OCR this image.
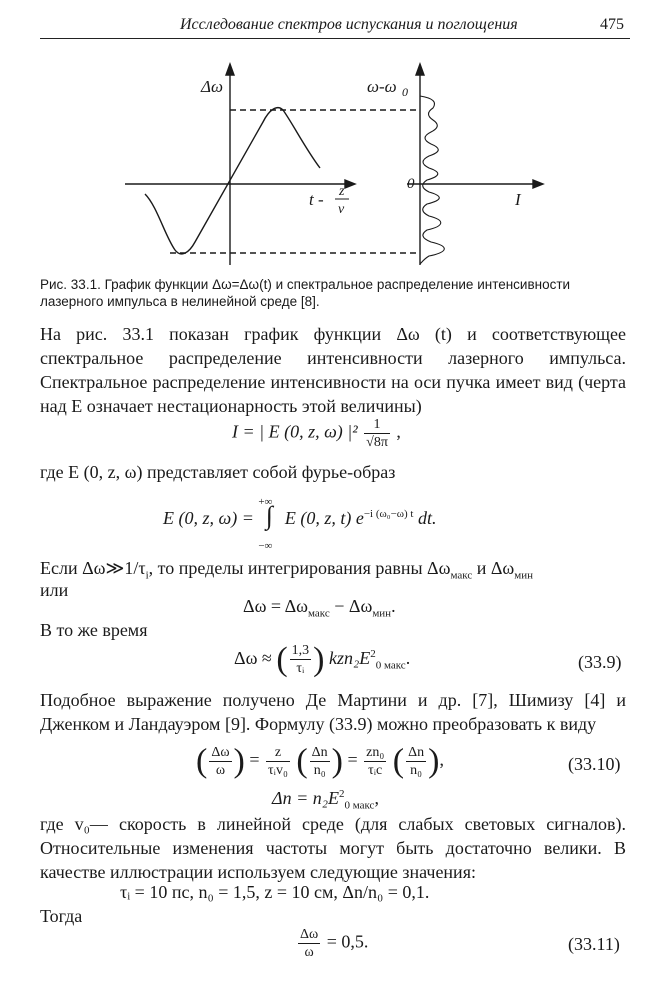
Исследование спектров испускания и поглощения	475
Δω
t - z
v
ω-ω 0
0
I
Рис. 33.1. График функции Δω=Δω(t) и спектральное распределение интенсивности лазерного импульса в нелинейной среде [8].
На рис. 33.1 показан график функции Δω (t) и соответствующее спектральное распределение интенсивности лазерного импульса. Спектральное распределение интенсивности на оси пучка имеет вид (черта над E означает нестационарность этой величины)
I = | E (0, z, ω) $|^2 \frac{1}{√8\pi}$ ,
где E (0, z, ω) представляет собой фурье-образ
E (0, z, ω) =
+∞
∫
−∞
E (0, z, t) $e^{-i (\omega_0-\omega) t}$ dt.
Если $\Delta\omega≫1/\tau_i$, то пределы интегрирования равны $\Delta\omega_{макс}$ и $\Delta\omega_{мин}$
или
$\Delta\omega = \Delta\omega_{макс} - \Delta\omega_{мин}$.
В то же время
Δω ≈ ( $\frac{1,3}{\text{τᵢ}}$ ) $kzn_2E^2_{0 макс}$.	(33.9)
Подобное выражение получено Де Мартини и др. [7], Шимизу [4] и Дженком и Ландауэром [9]. Формулу (33.9) можно преобразовать к виду
( $\frac{\Delta\omega}{\omega}$ ) = $\frac{z}{\text{τᵢv₀}}$ ( $\frac{\Delta n}{\text{n₀}}$ ) = $\frac{\text{zn₀}}{\text{τᵢc}}$ ( $\frac{\Delta n}{\text{n₀}}$ ),	(33.10)
$\Delta n = n_2E^2_{0 макс}$,
где v₀— скорость в линейной среде (для слабых световых сигналов). Относительные изменения частоты могут быть достаточно велики. В качестве иллюстрации используем следующие значения:
τᵢ = 10 пс, n₀ = 1,5, z = 10 см, Δn/n₀ = 0,1.
Тогда
$\frac{\Delta\omega}{\omega} = 0,5$.	(33.11)
